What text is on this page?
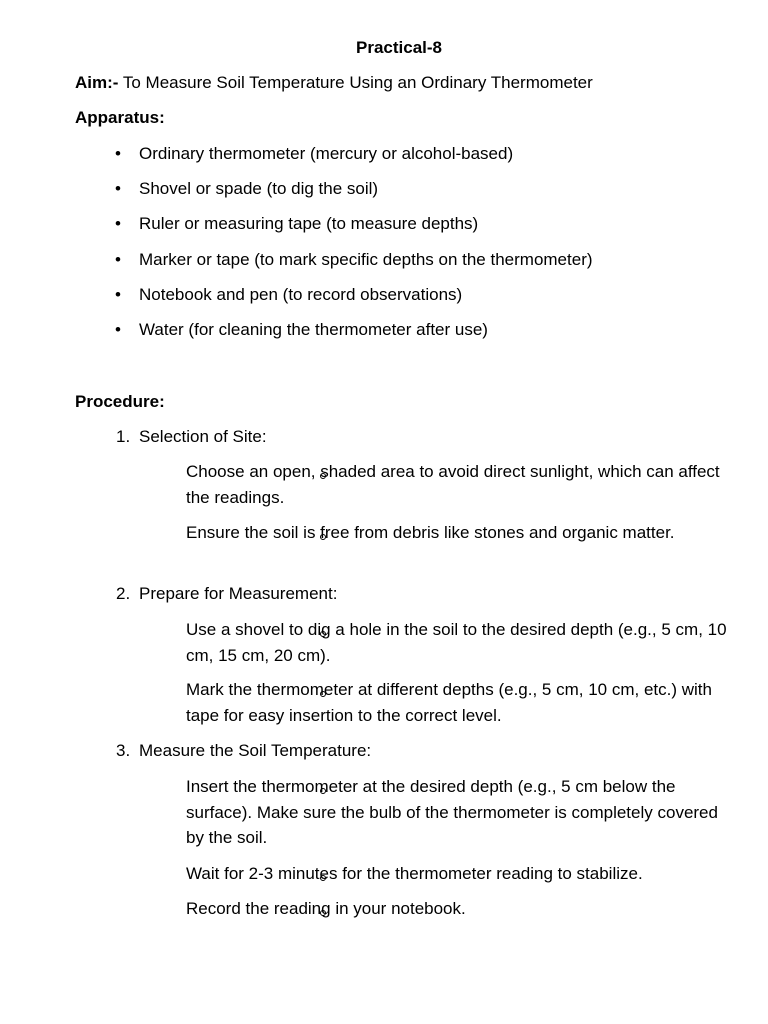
Practical-8
Aim:- To Measure Soil Temperature Using an Ordinary Thermometer
Apparatus:
• Ordinary thermometer (mercury or alcohol-based)
• Shovel or spade (to dig the soil)
• Ruler or measuring tape (to measure depths)
• Marker or tape (to mark specific depths on the thermometer)
• Notebook and pen (to record observations)
• Water (for cleaning the thermometer after use)
Procedure:
1. Selection of Site:
Choose an open, shaded area to avoid direct sunlight, which can affect the readings.
Ensure the soil is free from debris like stones and organic matter.
2. Prepare for Measurement:
Use a shovel to dig a hole in the soil to the desired depth (e.g., 5 cm, 10 cm, 15 cm, 20 cm).
Mark the thermometer at different depths (e.g., 5 cm, 10 cm, etc.) with tape for easy insertion to the correct level.
3. Measure the Soil Temperature:
Insert the thermometer at the desired depth (e.g., 5 cm below the surface). Make sure the bulb of the thermometer is completely covered by the soil.
Wait for 2-3 minutes for the thermometer reading to stabilize.
Record the reading in your notebook.
